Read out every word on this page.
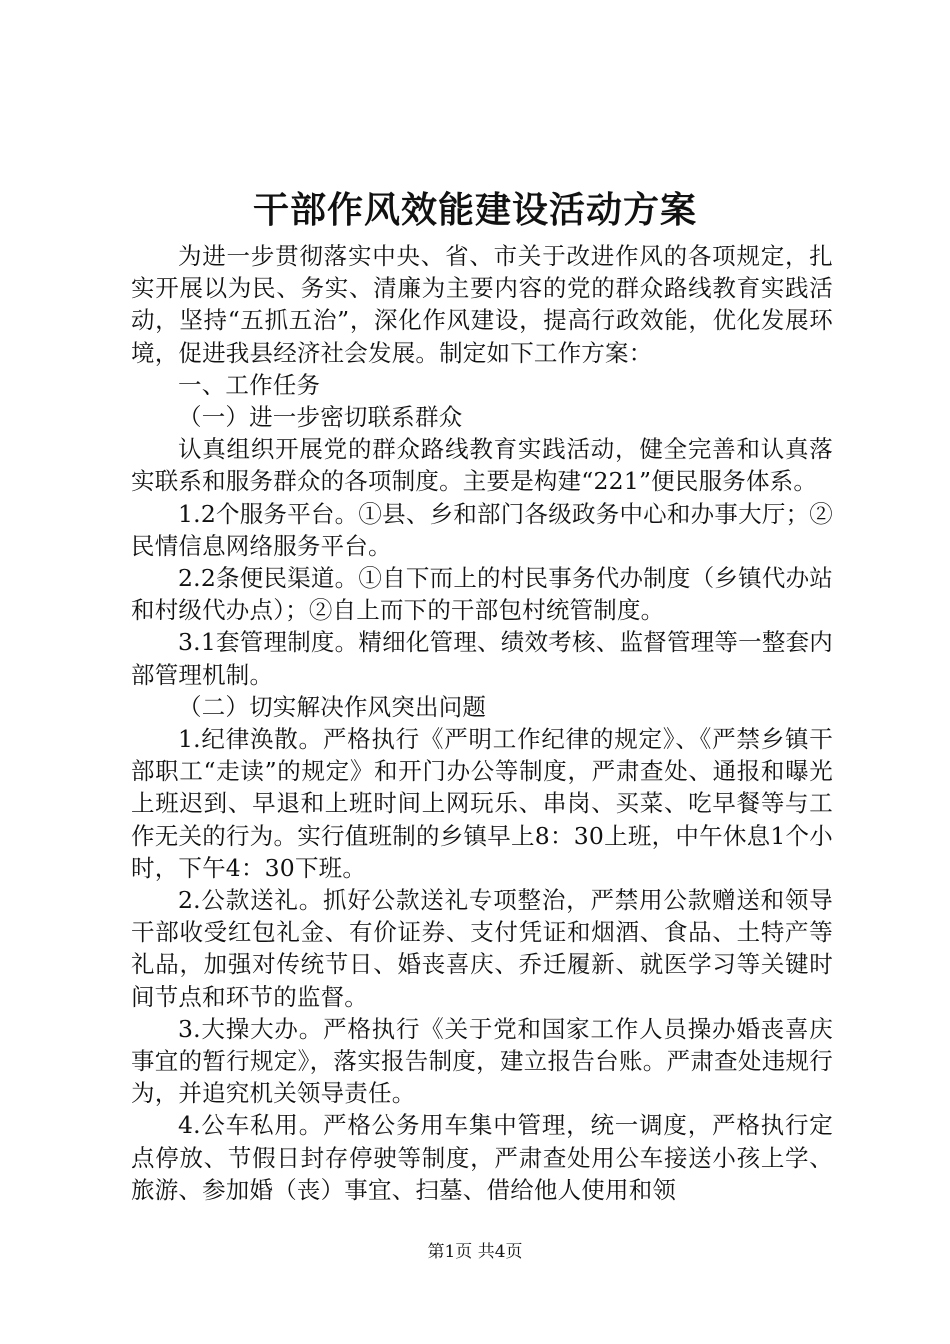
干部作风效能建设活动方案

为进一步贯彻落实中央、省、市关于改进作风的各项规定，扎实开展以为民、务实、清廉为主要内容的党的群众路线教育实践活动，坚持“五抓五治”，深化作风建设，提高行政效能，优化发展环境，促进我县经济社会发展。制定如下工作方案：

一、工作任务

（一）进一步密切联系群众

认真组织开展党的群众路线教育实践活动，健全完善和认真落实联系和服务群众的各项制度。主要是构建“221”便民服务体系。

1.2个服务平台。①县、乡和部门各级政务中心和办事大厅；②民情信息网络服务平台。

2.2条便民渠道。①自下而上的村民事务代办制度（乡镇代办站和村级代办点）；②自上而下的干部包村统管制度。

3.1套管理制度。精细化管理、绩效考核、监督管理等一整套内部管理机制。

（二）切实解决作风突出问题

1.纪律涣散。严格执行《严明工作纪律的规定》、《严禁乡镇干部职工“走读”的规定》和开门办公等制度，严肃查处、通报和曝光上班迟到、早退和上班时间上网玩乐、串岗、买菜、吃早餐等与工作无关的行为。实行值班制的乡镇早上8：30上班，中午休息1个小时，下午4：30下班。

2.公款送礼。抓好公款送礼专项整治，严禁用公款赠送和领导干部收受红包礼金、有价证券、支付凭证和烟酒、食品、土特产等礼品，加强对传统节日、婚丧喜庆、乔迁履新、就医学习等关键时间节点和环节的监督。

3.大操大办。严格执行《关于党和国家工作人员操办婚丧喜庆事宜的暂行规定》，落实报告制度，建立报告台账。严肃查处违规行为，并追究机关领导责任。

4.公车私用。严格公务用车集中管理，统一调度，严格执行定点停放、节假日封存停驶等制度，严肃查处用公车接送小孩上学、旅游、参加婚（丧）事宜、扫墓、借给他人使用和领

第1页 共4页
